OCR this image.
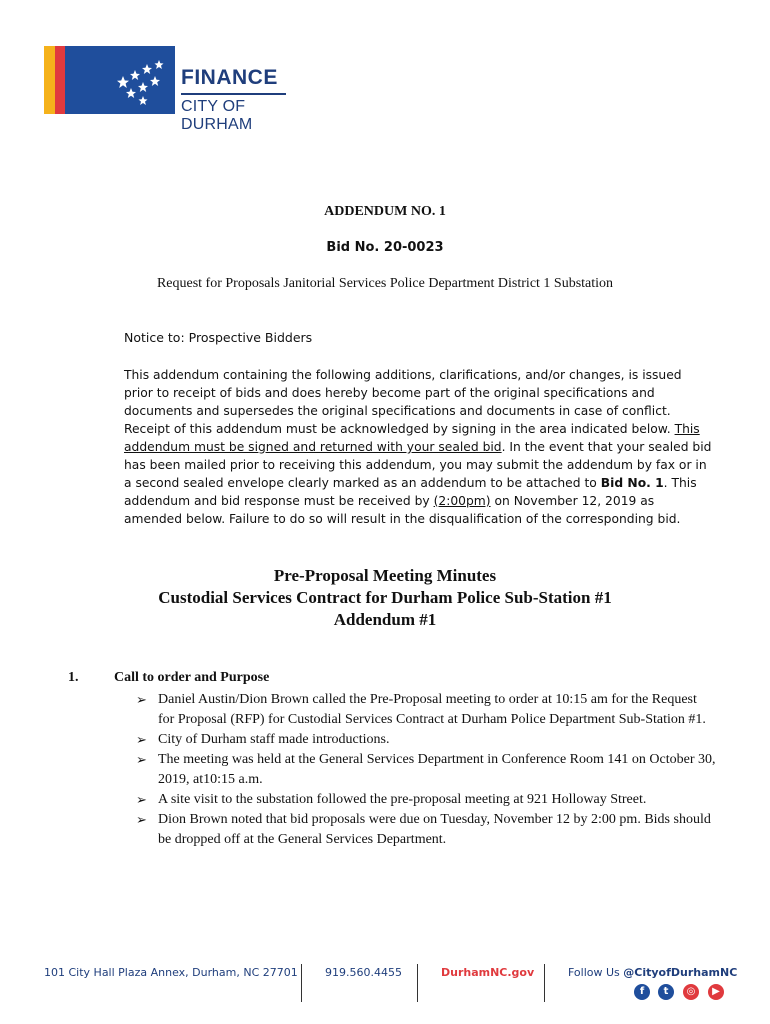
FINANCE
CITY OF DURHAM
ADDENDUM NO. 1
Bid No. 20-0023
Request for Proposals Janitorial Services Police Department District 1 Substation
Notice to: Prospective Bidders
This addendum containing the following additions, clarifications, and/or changes, is issued prior to receipt of bids and does hereby become part of the original specifications and documents and supersedes the original specifications and documents in case of conflict. Receipt of this addendum must be acknowledged by signing in the area indicated below. This addendum must be signed and returned with your sealed bid. In the event that your sealed bid has been mailed prior to receiving this addendum, you may submit the addendum by fax or in a second sealed envelope clearly marked as an addendum to be attached to Bid No. 1. This addendum and bid response must be received by (2:00pm) on November 12, 2019 as amended below. Failure to do so will result in the disqualification of the corresponding bid.
Pre-Proposal Meeting Minutes
Custodial Services Contract for Durham Police Sub-Station #1
Addendum #1
1.	Call to order and Purpose
➢ Daniel Austin/Dion Brown called the Pre-Proposal meeting to order at 10:15 am for the Request for Proposal (RFP) for Custodial Services Contract at Durham Police Department Sub-Station #1.
➢ City of Durham staff made introductions.
➢ The meeting was held at the General Services Department in Conference Room 141 on October 30, 2019, at10:15 a.m.
➢ A site visit to the substation followed the pre-proposal meeting at 921 Holloway Street.
➢ Dion Brown noted that bid proposals were due on Tuesday, November 12 by 2:00 pm. Bids should be dropped off at the General Services Department.
101 City Hall Plaza Annex, Durham, NC 27701 919.560.4455	DurhamNC.gov	Follow Us @CityofDurhamNC
f	t	◎	▶
